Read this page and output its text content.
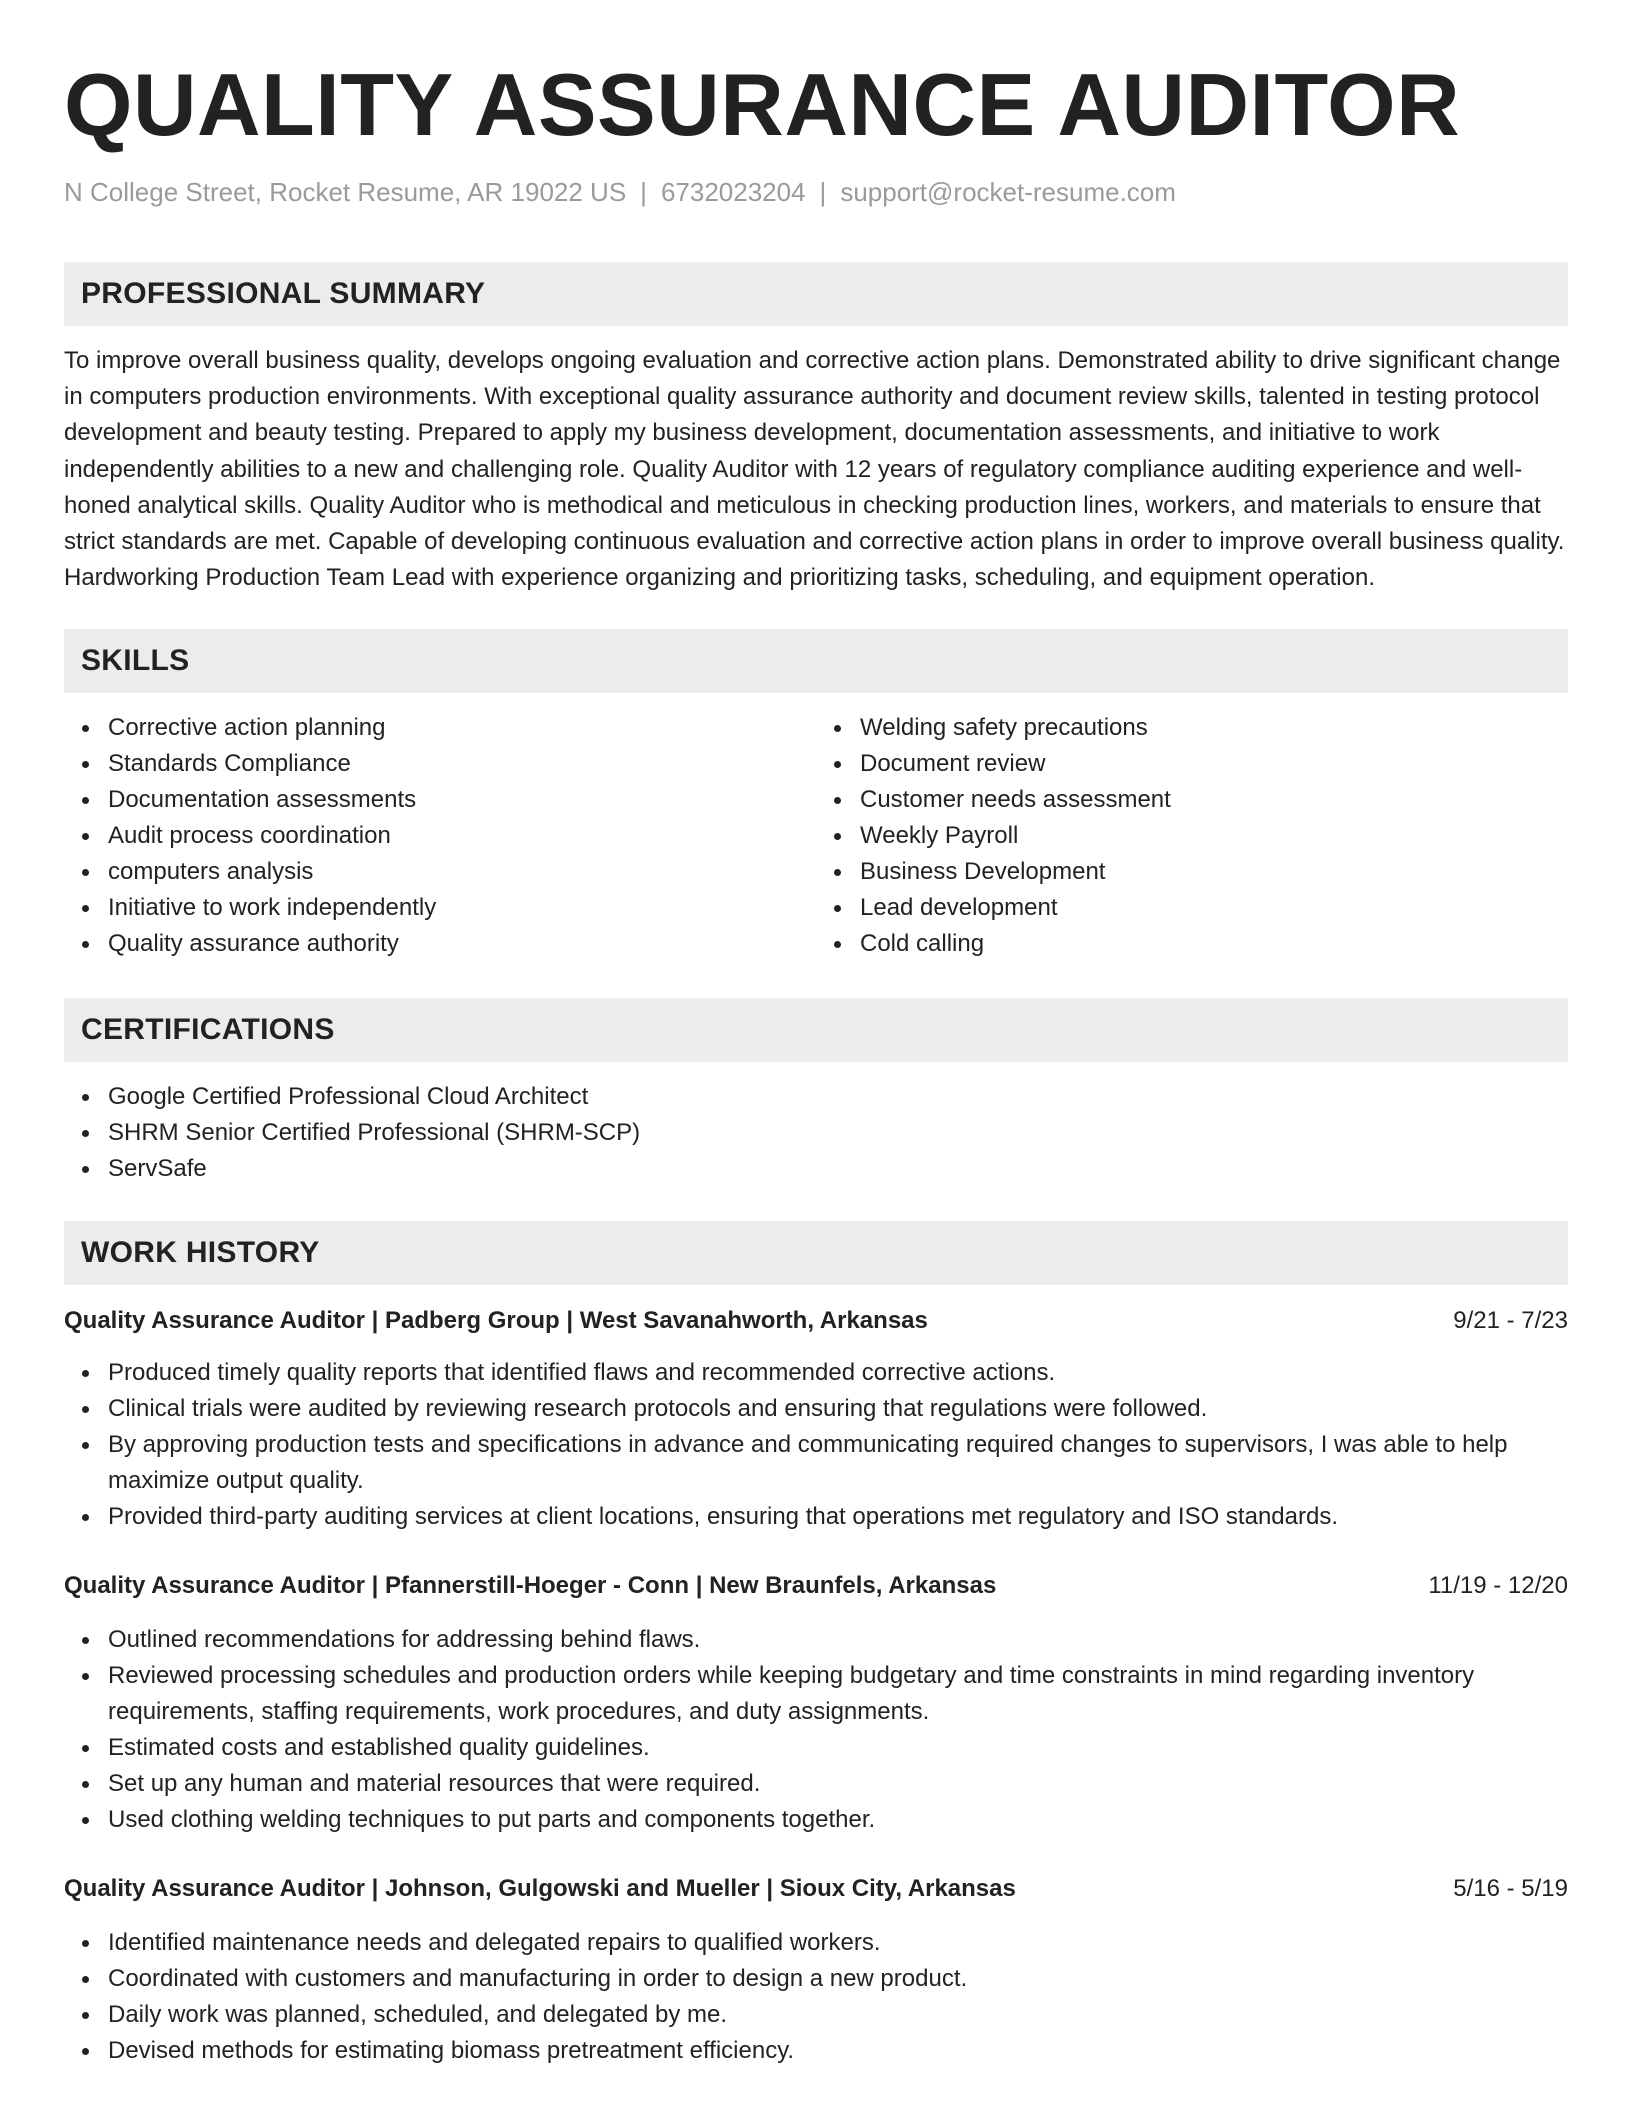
QUALITY ASSURANCE AUDITOR
N College Street, Rocket Resume, AR 19022 US | 6732023204 | support@rocket-resume.com
PROFESSIONAL SUMMARY

To improve overall business quality, develops ongoing evaluation and corrective action plans. Demonstrated ability to drive significant change in computers production environments. With exceptional quality assurance authority and document review skills, talented in testing protocol development and beauty testing. Prepared to apply my business development, documentation assessments, and initiative to work independently abilities to a new and challenging role. Quality Auditor with 12 years of regulatory compliance auditing experience and well-honed analytical skills. Quality Auditor who is methodical and meticulous in checking production lines, workers, and materials to ensure that strict standards are met. Capable of developing continuous evaluation and corrective action plans in order to improve overall business quality. Hardworking Production Team Lead with experience organizing and prioritizing tasks, scheduling, and equipment operation.

SKILLS
Corrective action planning
Standards Compliance
Documentation assessments
Audit process coordination
computers analysis
Initiative to work independently
Quality assurance authority
Welding safety precautions
Document review
Customer needs assessment
Weekly Payroll
Business Development
Lead development
Cold calling
CERTIFICATIONS
Google Certified Professional Cloud Architect
SHRM Senior Certified Professional (SHRM-SCP)
ServSafe
WORK HISTORY
Quality Assurance Auditor | Padberg Group | West Savanahworth, Arkansas	9/21 - 7/23
Produced timely quality reports that identified flaws and recommended corrective actions.
Clinical trials were audited by reviewing research protocols and ensuring that regulations were followed.
By approving production tests and specifications in advance and communicating required changes to supervisors, I was able to help maximize output quality.
Provided third-party auditing services at client locations, ensuring that operations met regulatory and ISO standards.
Quality Assurance Auditor | Pfannerstill-Hoeger - Conn | New Braunfels, Arkansas	11/19 - 12/20
Outlined recommendations for addressing behind flaws.
Reviewed processing schedules and production orders while keeping budgetary and time constraints in mind regarding inventory requirements, staffing requirements, work procedures, and duty assignments.
Estimated costs and established quality guidelines.
Set up any human and material resources that were required.
Used clothing welding techniques to put parts and components together.
Quality Assurance Auditor | Johnson, Gulgowski and Mueller | Sioux City, Arkansas	5/16 - 5/19
Identified maintenance needs and delegated repairs to qualified workers.
Coordinated with customers and manufacturing in order to design a new product.
Daily work was planned, scheduled, and delegated by me.
Devised methods for estimating biomass pretreatment efficiency.
